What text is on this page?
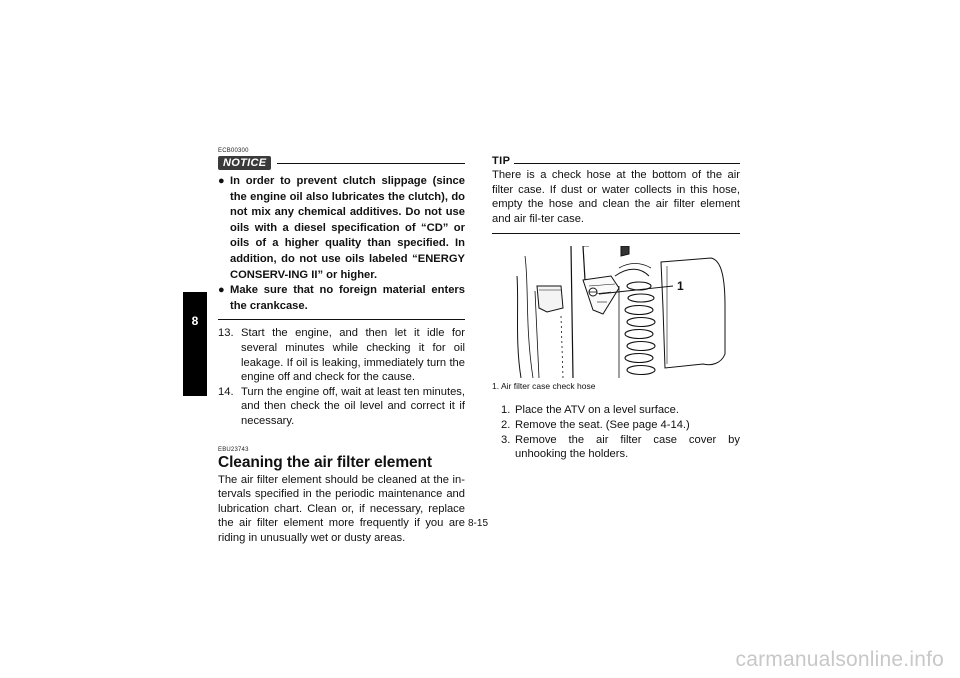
8
ECB00300
NOTICE
● In order to prevent clutch slippage (since the engine oil also lubricates the clutch), do not mix any chemical additives. Do not use oils with a diesel specification of “CD” or oils of a higher quality than specified. In addition, do not use oils labeled “ENERGY CONSERV-ING II” or higher.
● Make sure that no foreign material enters the crankcase.
13. Start the engine, and then let it idle for several minutes while checking it for oil leakage. If oil is leaking, immediately turn the engine off and check for the cause.
14. Turn the engine off, wait at least ten minutes, and then check the oil level and correct it if necessary.
EBU23743
Cleaning the air filter element

The air filter element should be cleaned at the in-tervals specified in the periodic maintenance and lubrication chart. Clean or, if necessary, replace the air filter element more frequently if you are riding in unusually wet or dusty areas.

TIP

There is a check hose at the bottom of the air filter case. If dust or water collects in this hose, empty the hose and clean the air filter element and air fil-ter case.

1
1. Air filter case check hose
1. Place the ATV on a level surface.
2. Remove the seat. (See page 4-14.)
3. Remove the air filter case cover by unhooking the holders.
8-15
carmanualsonline.info
